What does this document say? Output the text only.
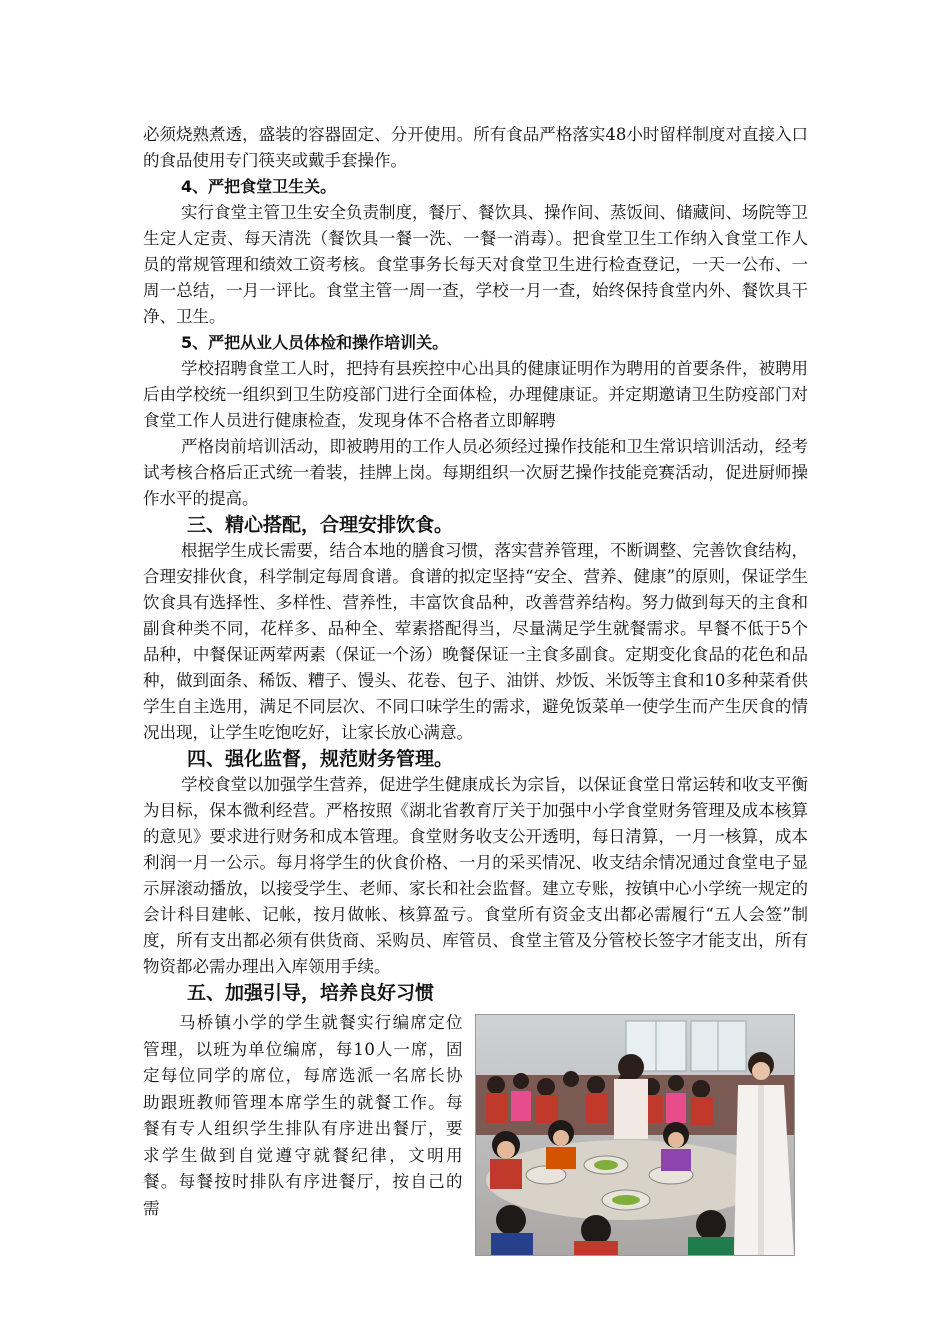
必须烧熟煮透，盛装的容器固定、分开使用。所有食品严格落实48小时留样制度对直接入口的食品使用专门筷夹或戴手套操作。

4、严把食堂卫生关。

实行食堂主管卫生安全负责制度，餐厅、餐饮具、操作间、蒸饭间、储藏间、场院等卫生定人定责、每天清洗（餐饮具一餐一洗、一餐一消毒）。把食堂卫生工作纳入食堂工作人员的常规管理和绩效工资考核。食堂事务长每天对食堂卫生进行检查登记，一天一公布、一周一总结，一月一评比。食堂主管一周一查，学校一月一查，始终保持食堂内外、餐饮具干净、卫生。

5、严把从业人员体检和操作培训关。

学校招聘食堂工人时，把持有县疾控中心出具的健康证明作为聘用的首要条件，被聘用后由学校统一组织到卫生防疫部门进行全面体检，办理健康证。并定期邀请卫生防疫部门对食堂工作人员进行健康检查，发现身体不合格者立即解聘

严格岗前培训活动，即被聘用的工作人员必须经过操作技能和卫生常识培训活动，经考试考核合格后正式统一着装，挂牌上岗。每期组织一次厨艺操作技能竞赛活动，促进厨师操作水平的提高。

三、精心搭配，合理安排饮食。

根据学生成长需要，结合本地的膳食习惯，落实营养管理，不断调整、完善饮食结构，合理安排伙食，科学制定每周食谱。食谱的拟定坚持“安全、营养、健康”的原则，保证学生饮食具有选择性、多样性、营养性，丰富饮食品种，改善营养结构。努力做到每天的主食和副食种类不同，花样多、品种全、荤素搭配得当，尽量满足学生就餐需求。早餐不低于5个品种，中餐保证两荤两素（保证一个汤）晚餐保证一主食多副食。定期变化食品的花色和品种，做到面条、稀饭、糟子、馒头、花卷、包子、油饼、炒饭、米饭等主食和10多种菜肴供学生自主选用，满足不同层次、不同口味学生的需求，避免饭菜单一使学生而产生厌食的情况出现，让学生吃饱吃好，让家长放心满意。

四、强化监督，规范财务管理。

学校食堂以加强学生营养，促进学生健康成长为宗旨，以保证食堂日常运转和收支平衡为目标，保本微利经营。严格按照《湖北省教育厅关于加强中小学食堂财务管理及成本核算的意见》要求进行财务和成本管理。食堂财务收支公开透明，每日清算，一月一核算，成本利润一月一公示。每月将学生的伙食价格、一月的采买情况、收支结余情况通过食堂电子显示屏滚动播放，以接受学生、老师、家长和社会监督。建立专账，按镇中心小学统一规定的会计科目建帐、记帐，按月做帐、核算盈亏。食堂所有资金支出都必需履行“五人会签”制度，所有支出都必须有供货商、采购员、库管员、食堂主管及分管校长签字才能支出，所有物资都必需办理出入库领用手续。

五、加强引导，培养良好习惯

马桥镇小学的学生就餐实行编席定位管理，以班为单位编席，每10人一席，固定每位同学的席位，每席选派一名席长协助跟班教师管理本席学生的就餐工作。每餐有专人组织学生排队有序进出餐厅，要求学生做到自觉遵守就餐纪律，文明用餐。每餐按时排队有序进餐厅，按自己的需
